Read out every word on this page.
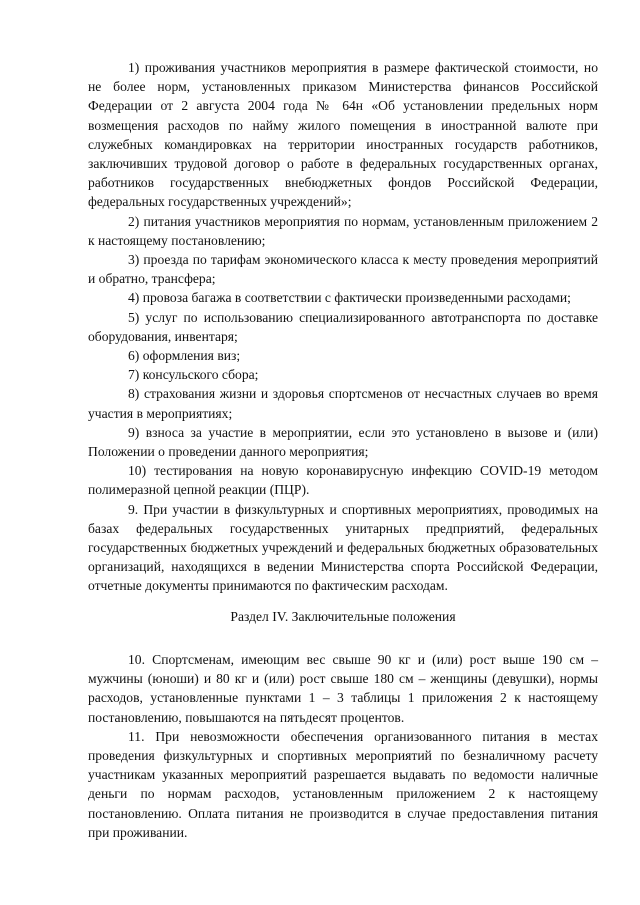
1) проживания участников мероприятия в размере фактической стоимости, но не более норм, установленных приказом Министерства финансов Российской Федерации от 2 августа 2004 года № 64н «Об установлении предельных норм возмещения расходов по найму жилого помещения в иностранной валюте при служебных командировках на территории иностранных государств работников, заключивших трудовой договор о работе в федеральных государственных органах, работников государственных внебюджетных фондов Российской Федерации, федеральных государственных учреждений»;

2) питания участников мероприятия по нормам, установленным приложением 2 к настоящему постановлению;

3) проезда по тарифам экономического класса к месту проведения мероприятий и обратно, трансфера;

4) провоза багажа в соответствии с фактически произведенными расходами;

5) услуг по использованию специализированного автотранспорта по доставке оборудования, инвентаря;

6) оформления виз;

7) консульского сбора;

8) страхования жизни и здоровья спортсменов от несчастных случаев во время участия в мероприятиях;

9) взноса за участие в мероприятии, если это установлено в вызове и (или) Положении о проведении данного мероприятия;

10) тестирования на новую коронавирусную инфекцию COVID-19 методом полимеразной цепной реакции (ПЦР).

9. При участии в физкультурных и спортивных мероприятиях, проводимых на базах федеральных государственных унитарных предприятий, федеральных государственных бюджетных учреждений и федеральных бюджетных образовательных организаций, находящихся в ведении Министерства спорта Российской Федерации, отчетные документы принимаются по фактическим расходам.

Раздел IV. Заключительные положения

10. Спортсменам, имеющим вес свыше 90 кг и (или) рост выше 190 см – мужчины (юноши) и 80 кг и (или) рост свыше 180 см – женщины (девушки), нормы расходов, установленные пунктами 1 – 3 таблицы 1 приложения 2 к настоящему постановлению, повышаются на пятьдесят процентов.

11. При невозможности обеспечения организованного питания в местах проведения физкультурных и спортивных мероприятий по безналичному расчету участникам указанных мероприятий разрешается выдавать по ведомости наличные деньги по нормам расходов, установленным приложением 2 к настоящему постановлению. Оплата питания не производится в случае предоставления питания при проживании.
